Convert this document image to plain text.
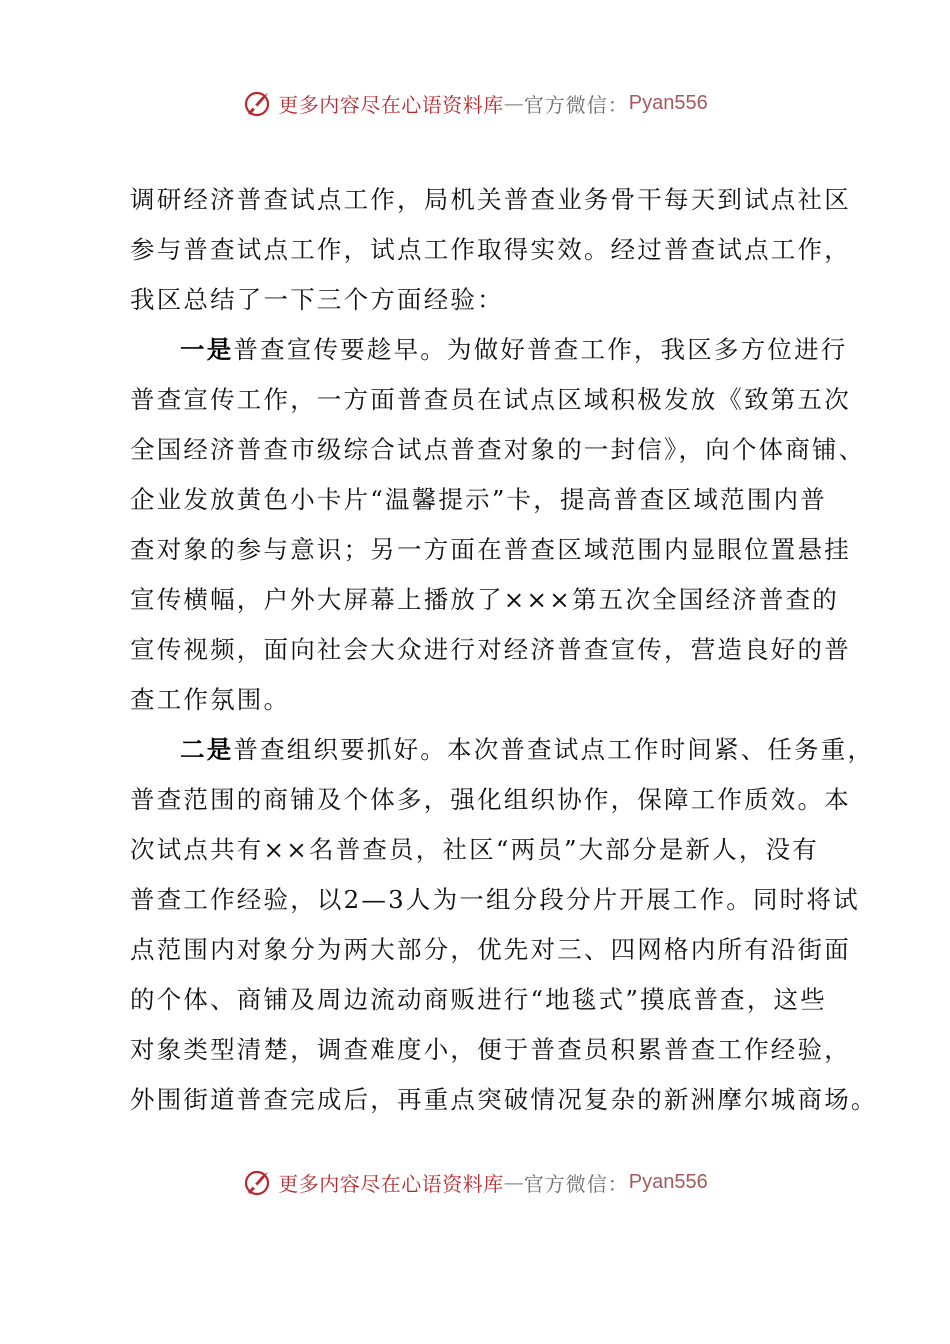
更多内容尽在心语资料库 — 官方微信： Pyan556
调研经济普查试点工作，局机关普查业务骨干每天到试点社区
参与普查试点工作，试点工作取得实效。经过普查试点工作，
我区总结了一下三个方面经验：
一是普查宣传要趁早。为做好普查工作，我区多方位进行
普查宣传工作，一方面普查员在试点区域积极发放《致第五次
全国经济普查市级综合试点普查对象的一封信》，向个体商铺、
企业发放黄色小卡片“温馨提示”卡，提高普查区域范围内普
查对象的参与意识；另一方面在普查区域范围内显眼位置悬挂
宣传横幅，户外大屏幕上播放了×××第五次全国经济普查的
宣传视频，面向社会大众进行对经济普查宣传，营造良好的普
查工作氛围。
二是普查组织要抓好。本次普查试点工作时间紧、任务重，
普查范围的商铺及个体多，强化组织协作，保障工作质效。本
次试点共有××名普查员，社区“两员”大部分是新人，没有
普查工作经验，以2—3人为一组分段分片开展工作。同时将试
点范围内对象分为两大部分，优先对三、四网格内所有沿街面
的个体、商铺及周边流动商贩进行“地毯式”摸底普查，这些
对象类型清楚，调查难度小，便于普查员积累普查工作经验，
外围街道普查完成后，再重点突破情况复杂的新洲摩尔城商场。
更多内容尽在心语资料库 — 官方微信： Pyan556
